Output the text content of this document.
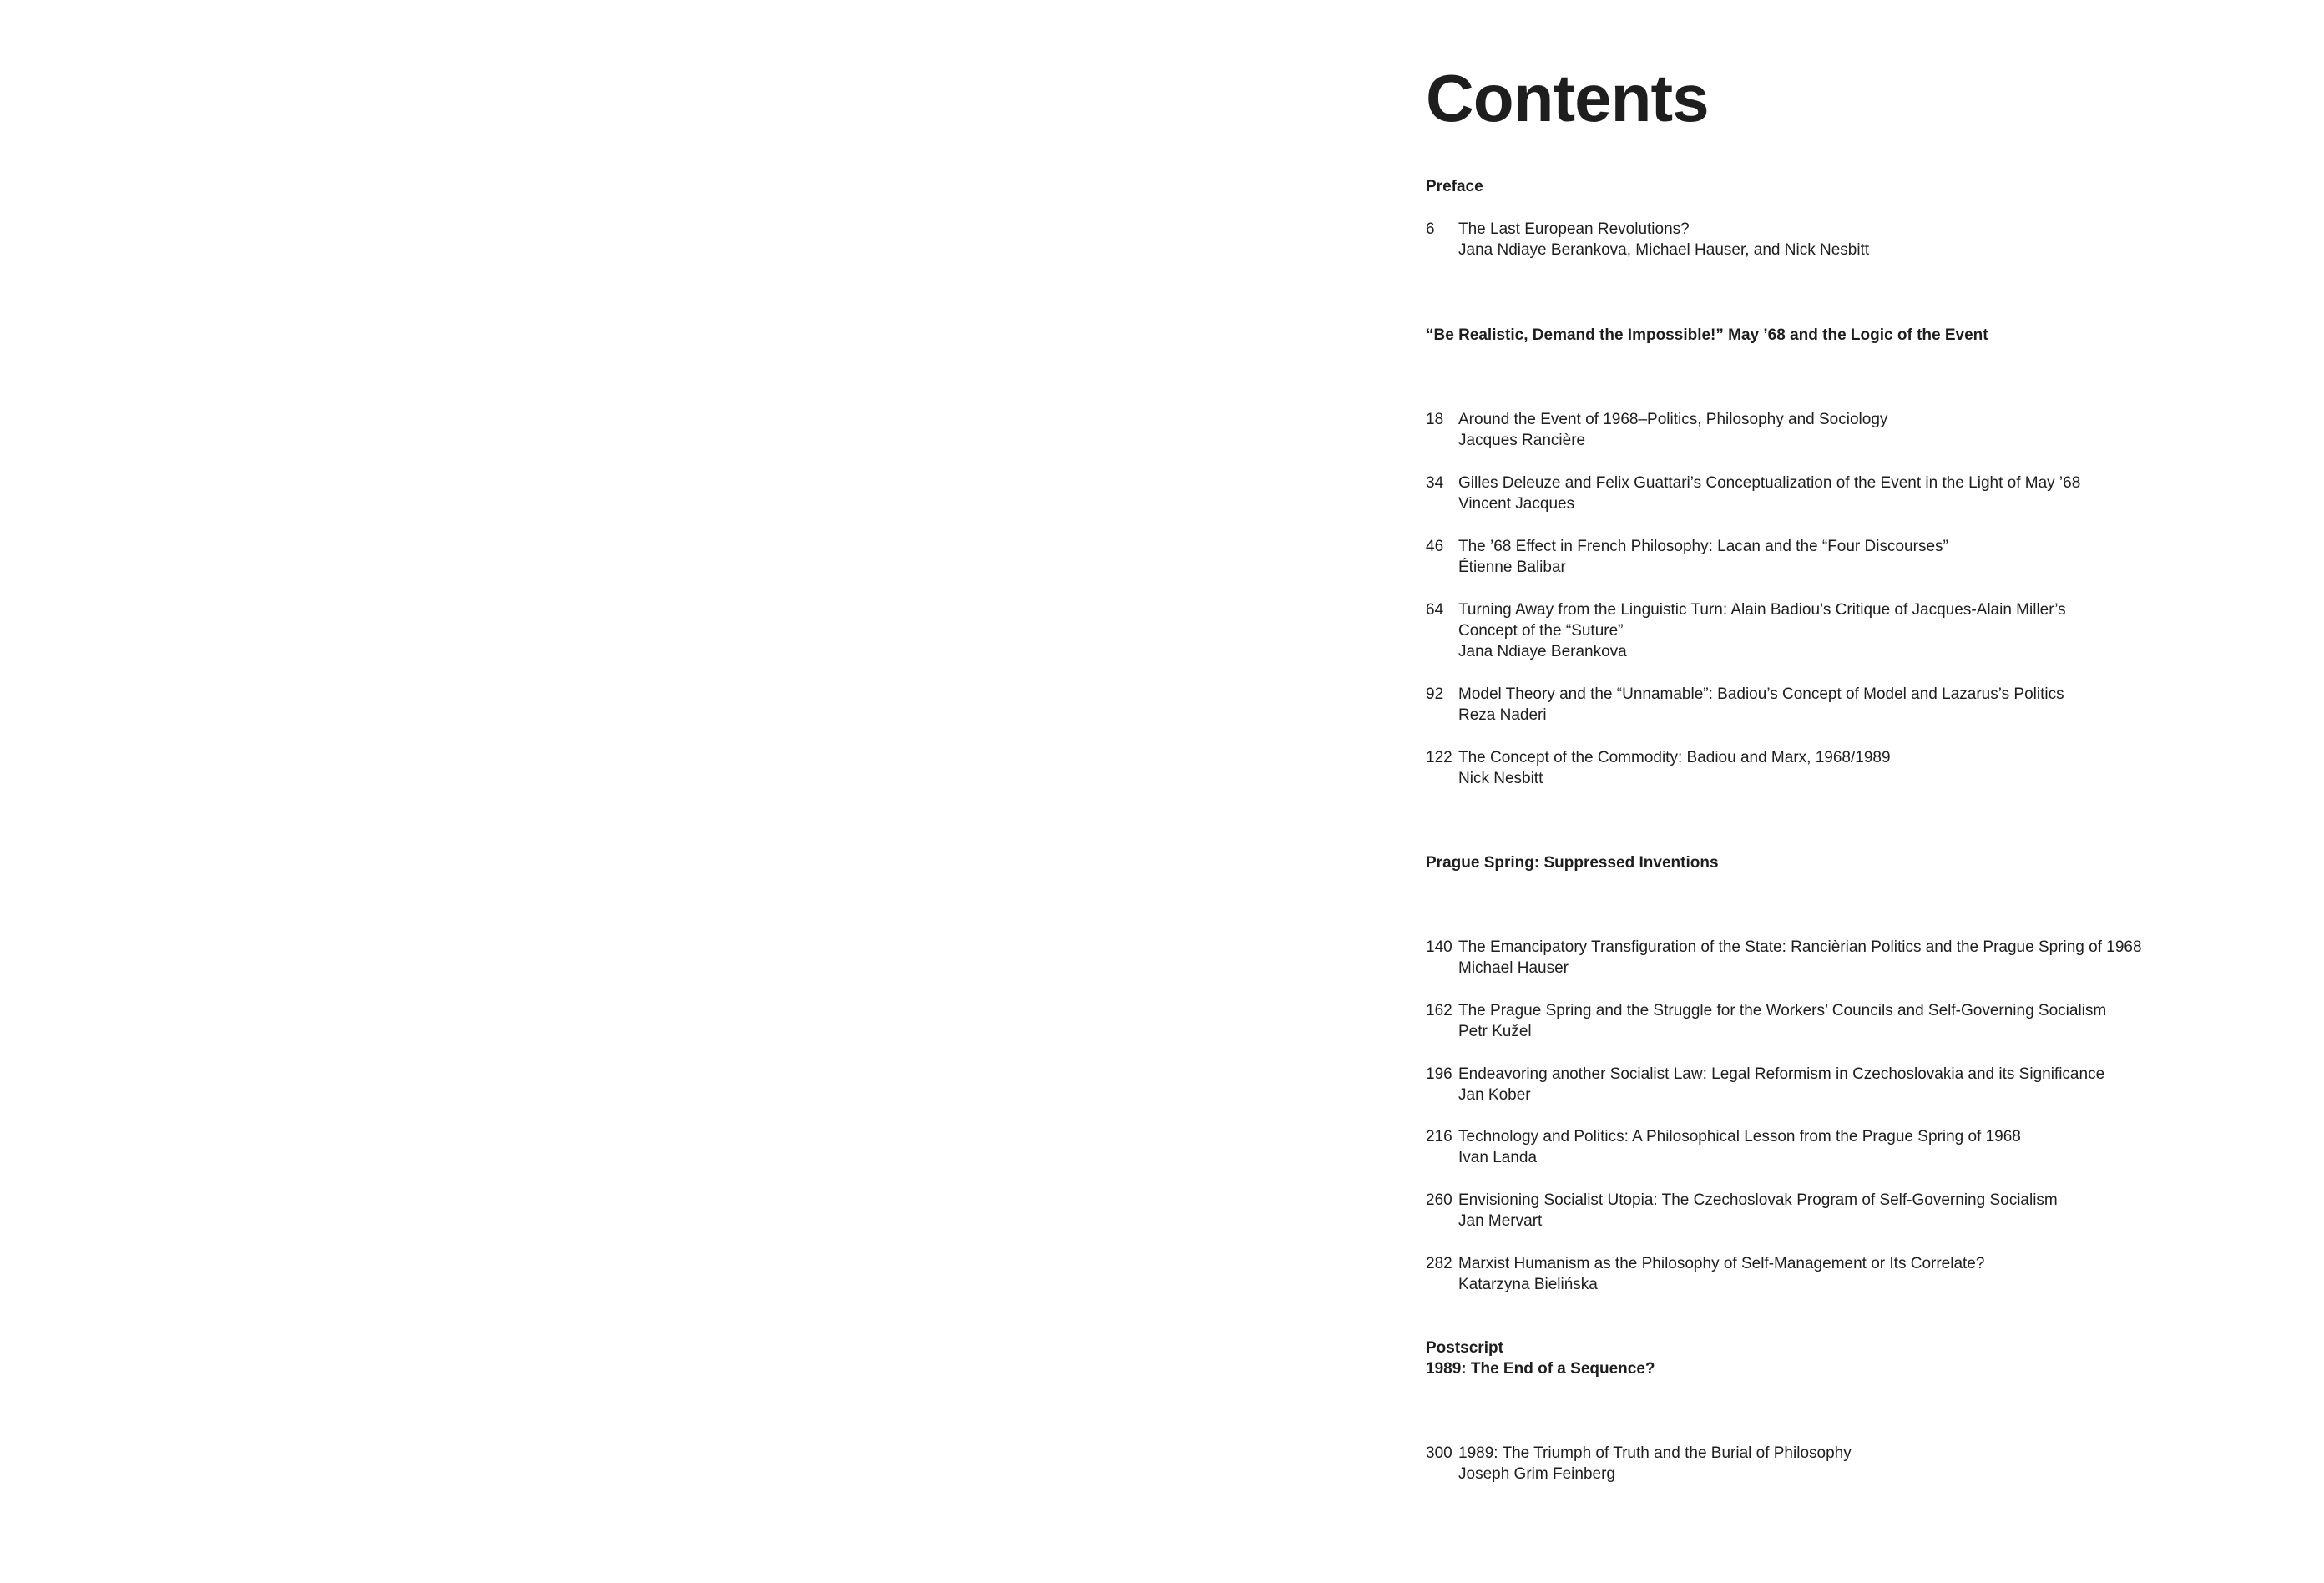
Contents
Preface
6	The Last European Revolutions?
Jana Ndiaye Berankova, Michael Hauser, and Nick Nesbitt
“Be Realistic, Demand the Impossible!” May ’68 and the Logic of the Event
18 Around the Event of 1968–Politics, Philosophy and Sociology
Jacques Rancière
34 Gilles Deleuze and Felix Guattari’s Conceptualization of the Event in the Light of May ’68
Vincent Jacques
46 The ’68 Effect in French Philosophy: Lacan and the “Four Discourses”
Étienne Balibar
64 Turning Away from the Linguistic Turn: Alain Badiou’s Critique of Jacques-Alain Miller’s
Concept of the “Suture”
Jana Ndiaye Berankova
92 Model Theory and the “Unnamable”: Badiou’s Concept of Model and Lazarus’s Politics
Reza Naderi
122 The Concept of the Commodity: Badiou and Marx, 1968/1989
Nick Nesbitt
Prague Spring: Suppressed Inventions
140 The Emancipatory Transfiguration of the State: Rancièrian Politics and the Prague Spring of 1968
Michael Hauser
162 The Prague Spring and the Struggle for the Workers’ Councils and Self-Governing Socialism
Petr Kužel
196 Endeavoring another Socialist Law: Legal Reformism in Czechoslovakia and its Significance
Jan Kober
216 Technology and Politics: A Philosophical Lesson from the Prague Spring of 1968
Ivan Landa
260 Envisioning Socialist Utopia: The Czechoslovak Program of Self-Governing Socialism
Jan Mervart
282 Marxist Humanism as the Philosophy of Self-Management or Its Correlate?
Katarzyna Bielińska
Postscript
1989: The End of a Sequence?
300 1989: The Triumph of Truth and the Burial of Philosophy
Joseph Grim Feinberg
